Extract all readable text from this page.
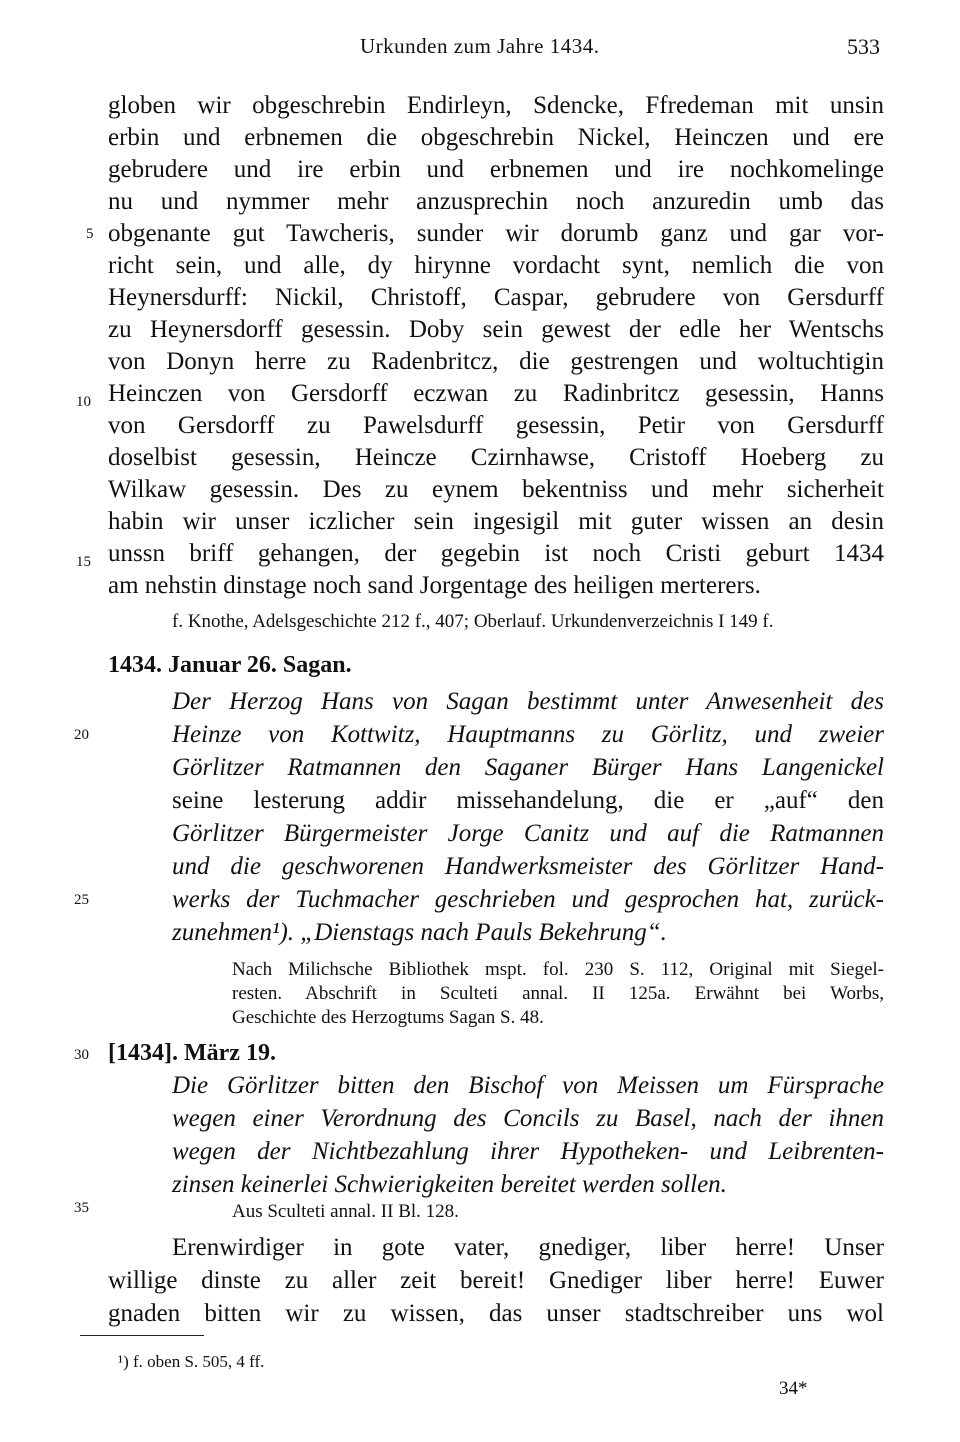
Urkunden zum Jahre 1434.	533
globen wir obgeschrebin Endirleyn, Sdencke, Ffredeman mit unsin
erbin und erbnemen die obgeschrebin Nickel, Heinczen und ere
gebrudere und ire erbin und erbnemen und ire nochkomelinge
nu und nymmer mehr anzusprechin noch anzuredin umb das
obgenante gut Tawcheris, sunder wir dorumb ganz und gar vor-
richt sein, und alle, dy hirynne vordacht synt, nemlich die von
Heynersdurff: Nickil, Christoff, Caspar, gebrudere von Gersdurff
zu Heynersdorff gesessin. Doby sein gewest der edle her Wentschs
von Donyn herre zu Radenbritcz, die gestrengen und woltuchtigin
Heinczen von Gersdorff eczwan zu Radinbritcz gesessin, Hanns
von Gersdorff zu Pawelsdurff gesessin, Petir von Gersdurff
doselbist gesessin, Heincze Czirnhawse, Cristoff Hoeberg zu
Wilkaw gesessin. Des zu eynem bekentniss und mehr sicherheit
habin wir unser iczlicher sein ingesigil mit guter wissen an desin
unssn briff gehangen, der gegebin ist noch Cristi geburt 1434
am nehstin dinstage noch sand Jorgentage des heiligen merterers.
f. Knothe, Adelsgeschichte 212 f., 407; Oberlauf. Urkundenverzeichnis I 149 f.
1434. Januar 26. Sagan.
Der Herzog Hans von Sagan bestimmt unter Anwesenheit des
Heinze von Kottwitz, Hauptmanns zu Görlitz, und zweier
Görlitzer Ratmannen den Saganer Bürger Hans Langenickel
seine lesterung addir missehandelung, die er „auf“ den
Görlitzer Bürgermeister Jorge Canitz und auf die Ratmannen
und die geschworenen Handwerksmeister des Görlitzer Hand-
werks der Tuchmacher geschrieben und gesprochen hat, zurück-
zunehmen¹). „Dienstags nach Pauls Bekehrung“.
Nach Milichsche Bibliothek mspt. fol. 230 S. 112, Original mit Siegel-
resten. Abschrift in Sculteti annal. II 125a. Erwähnt bei Worbs,
Geschichte des Herzogtums Sagan S. 48.
[1434]. März 19.
Die Görlitzer bitten den Bischof von Meissen um Fürsprache
wegen einer Verordnung des Concils zu Basel, nach der ihnen
wegen der Nichtbezahlung ihrer Hypotheken- und Leibrenten-
zinsen keinerlei Schwierigkeiten bereitet werden sollen.
Aus Sculteti annal. II Bl. 128.
Erenwirdiger in gote vater, gnediger, liber herre! Unser
willige dinste zu aller zeit bereit! Gnediger liber herre! Euwer
gnaden bitten wir zu wissen, das unser stadtschreiber uns wol
5
10
15
20
25
30
35
¹) f. oben S. 505, 4 ff.
34*
